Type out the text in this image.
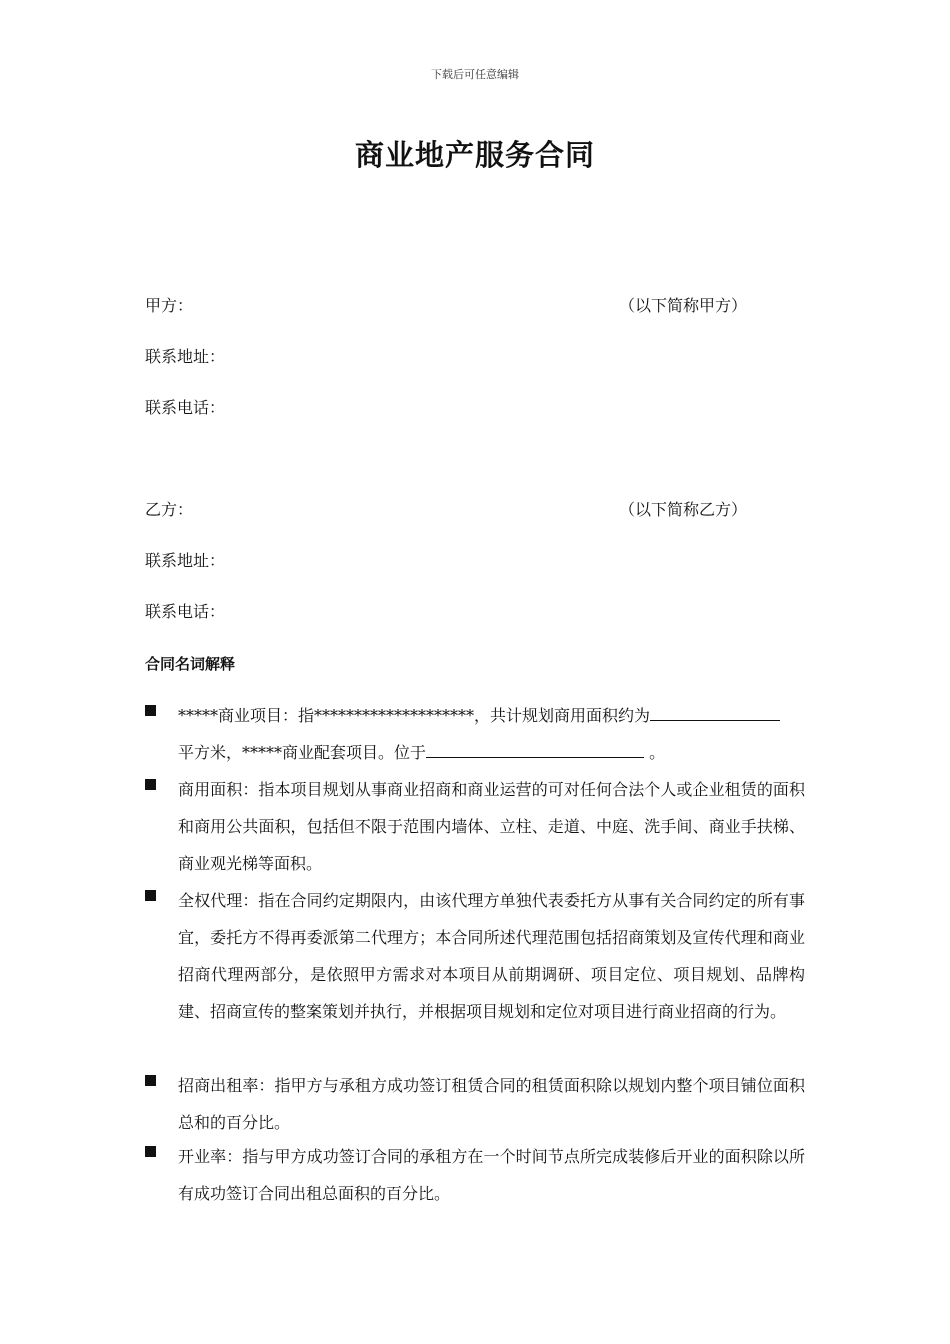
下载后可任意编辑
商业地产服务合同
甲方：	（以下简称甲方）
联系地址：
联系电话：
乙方：	（以下简称乙方）
联系地址：
联系电话：
合同名词解释
*****商业项目：指********************，共计规划商用面积约为
平方米，*****商业配套项目。位于	。
商用面积：指本项目规划从事商业招商和商业运营的可对任何合法个人或企业租赁的面积和商用公共面积，包括但不限于范围内墙体、立柱、走道、中庭、洗手间、商业手扶梯、商业观光梯等面积。
全权代理：指在合同约定期限内，由该代理方单独代表委托方从事有关合同约定的所有事宜，委托方不得再委派第二代理方；本合同所述代理范围包括招商策划及宣传代理和商业招商代理两部分，是依照甲方需求对本项目从前期调研、项目定位、项目规划、品牌构建、招商宣传的整案策划并执行，并根据项目规划和定位对项目进行商业招商的行为。
招商出租率：指甲方与承租方成功签订租赁合同的租赁面积除以规划内整个项目铺位面积总和的百分比。
开业率：指与甲方成功签订合同的承租方在一个时间节点所完成装修后开业的面积除以所有成功签订合同出租总面积的百分比。
